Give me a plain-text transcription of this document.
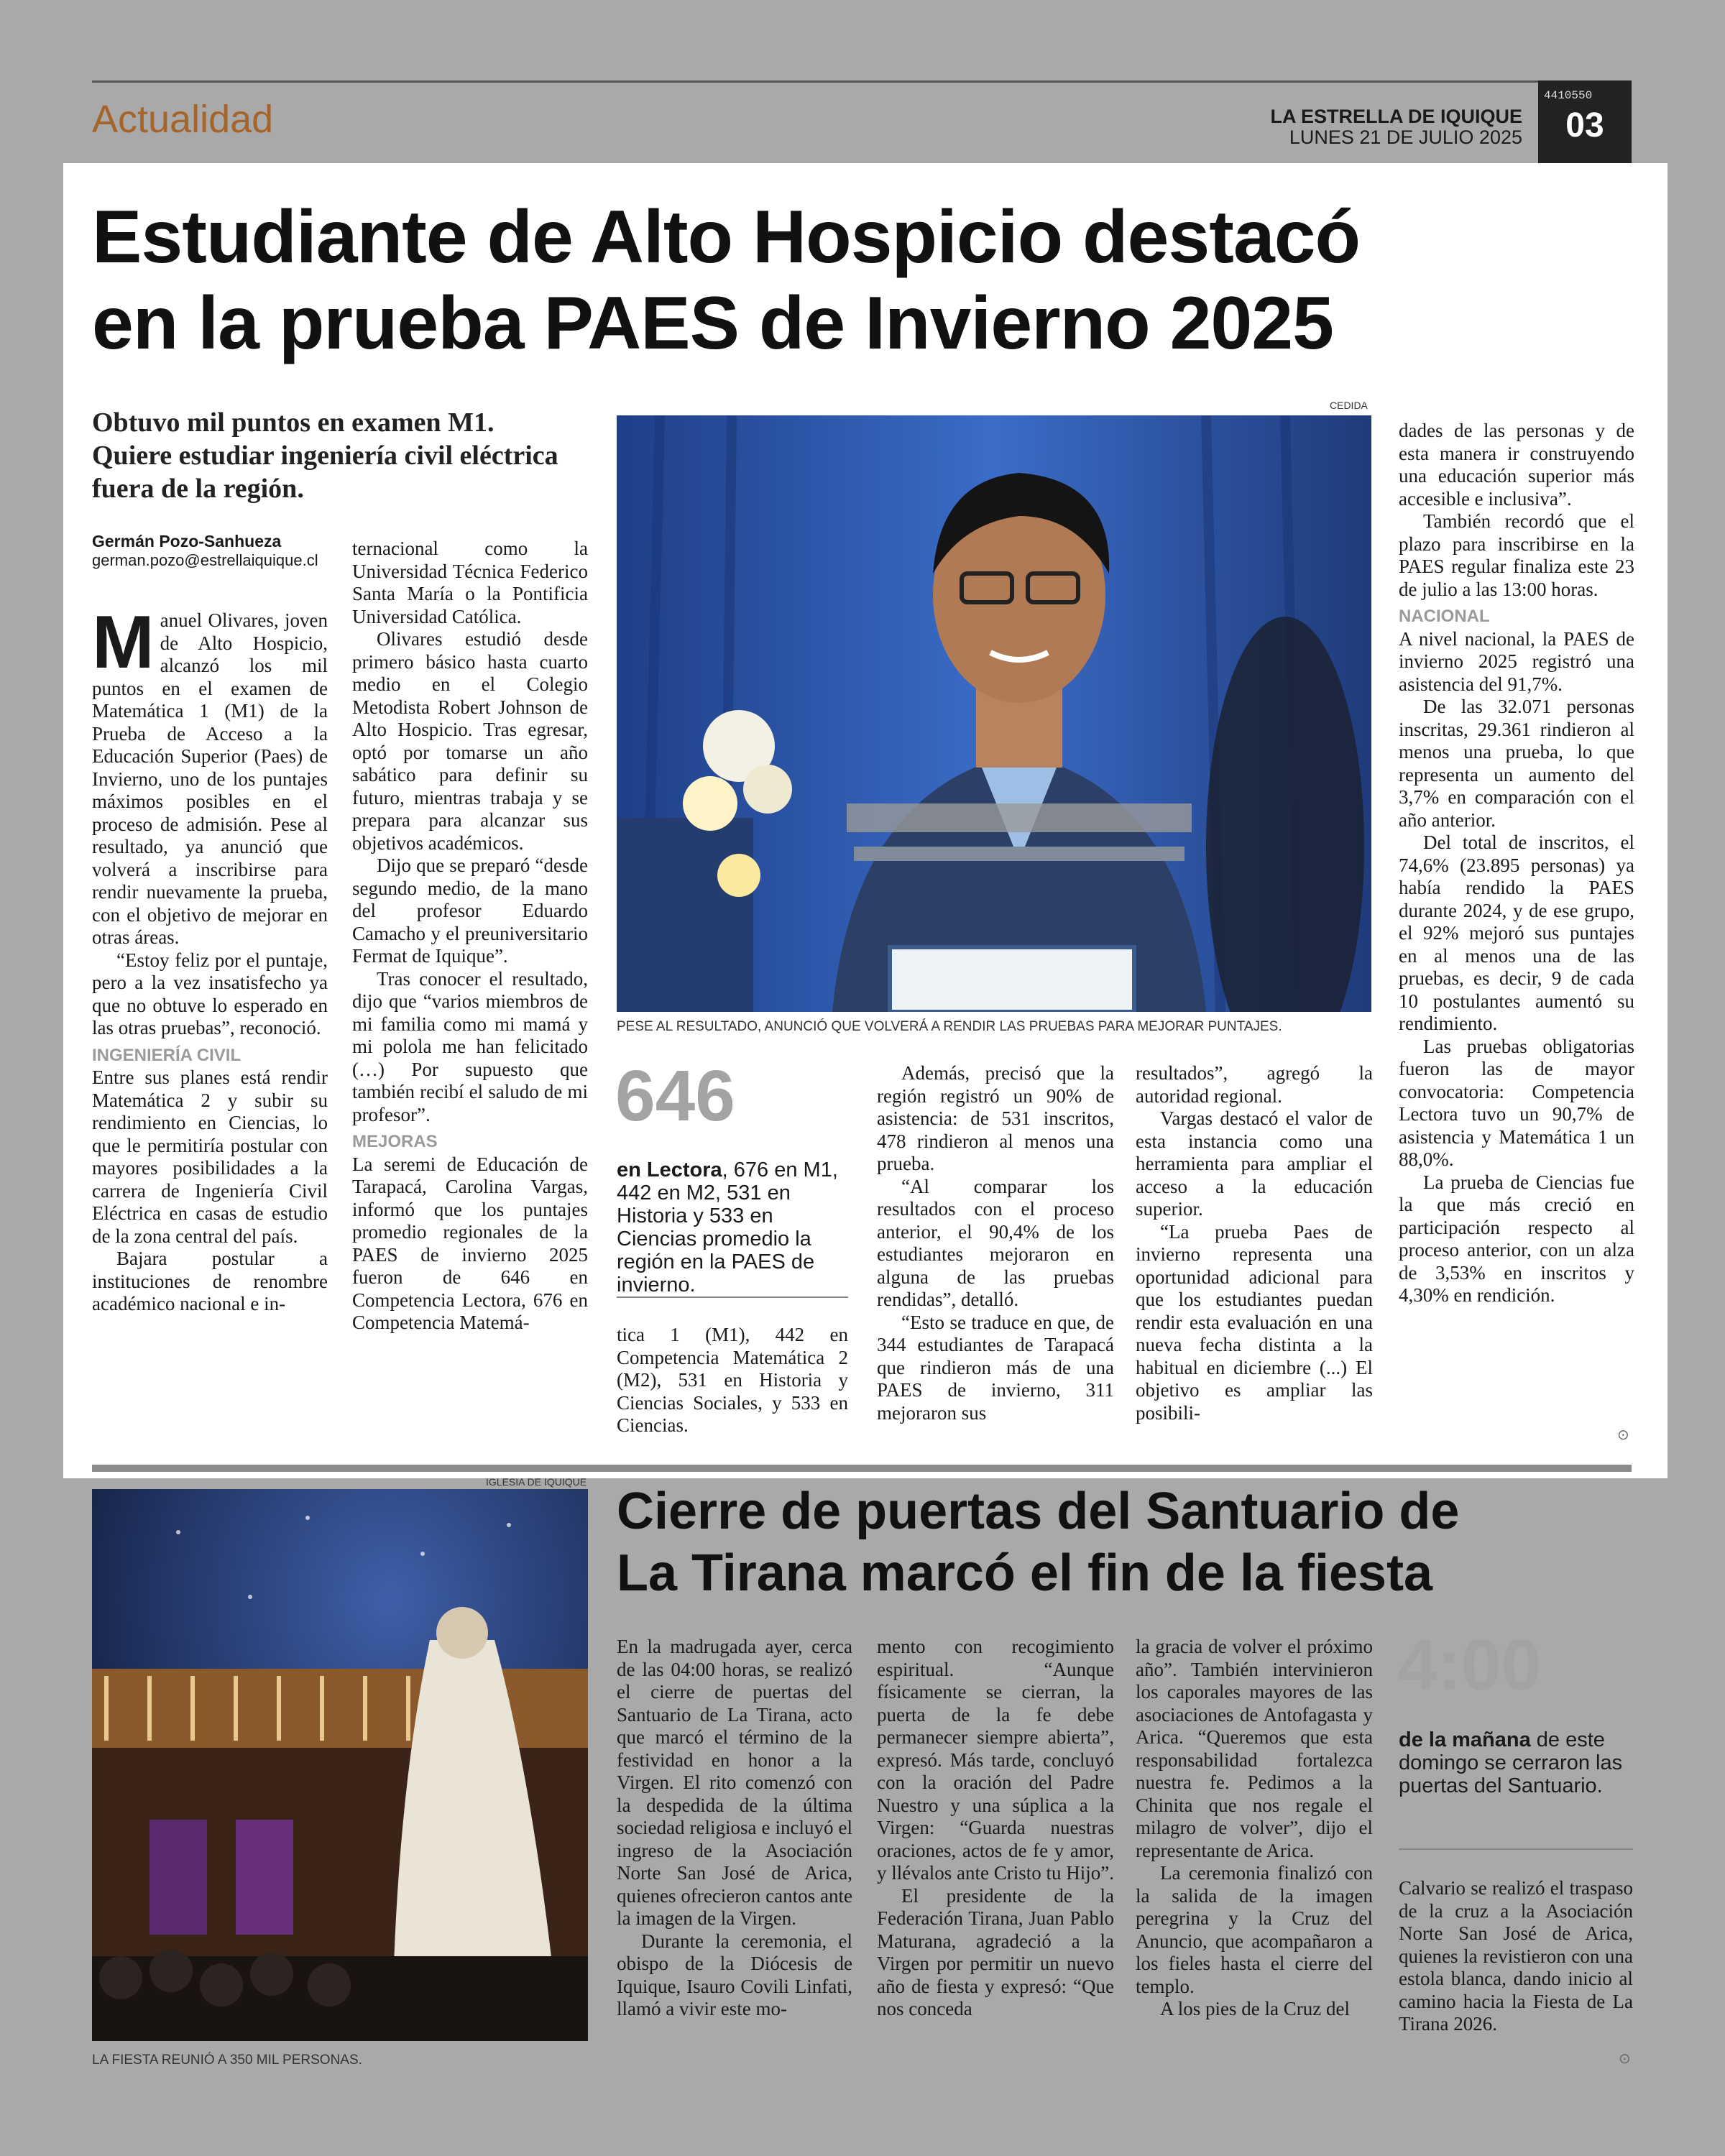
Actualidad	LA ESTRELLA DE IQUIQUE
LUNES 21 DE JULIO 2025	03
4410550
Estudiante de Alto Hospicio destacó
en la prueba PAES de Invierno 2025
Obtuvo mil puntos en examen M1. Quiere estudiar ingeniería civil eléctrica fuera de la región.
Germán Pozo-Sanhueza
german.pozo@estrellaiquique.cl
M anuel Olivares, joven de Alto Hospicio, alcanzó los mil puntos en el examen de Matemática 1 (M1) de la Prueba de Acceso a la Educación Superior (Paes) de Invierno, uno de los puntajes máximos posibles en el proceso de admisión. Pese al resultado, ya anunció que volverá a inscribirse para rendir nuevamente la prueba, con el objetivo de mejorar en otras áreas.

“Estoy feliz por el puntaje, pero a la vez insatisfecho ya que no obtuve lo esperado en las otras pruebas”, reconoció.

INGENIERÍA CIVIL

Entre sus planes está rendir Matemática 2 y subir su rendimiento en Ciencias, lo que le permitiría postular con mayores posibilidades a la carrera de Ingeniería Civil Eléctrica en casas de estudio de la zona central del país.

Bajara postular a instituciones de renombre académico nacional e in-

ternacional como la Universidad Técnica Federico Santa María o la Pontificia Universidad Católica.

Olivares estudió desde primero básico hasta cuarto medio en el Colegio Metodista Robert Johnson de Alto Hospicio. Tras egresar, optó por tomarse un año sabático para definir su futuro, mientras trabaja y se prepara para alcanzar sus objetivos académicos.

Dijo que se preparó “desde segundo medio, de la mano del profesor Eduardo Camacho y el preuniversitario Fermat de Iquique”.

Tras conocer el resultado, dijo que “varios miembros de mi familia como mi mamá y mi polola me han felicitado (…) Por supuesto que también recibí el saludo de mi profesor”.

MEJORAS

La seremi de Educación de Tarapacá, Carolina Vargas, informó que los puntajes promedio regionales de la PAES de invierno 2025 fueron de 646 en Competencia Lectora, 676 en Competencia Matemá-

CEDIDA
PESE AL RESULTADO, ANUNCIÓ QUE VOLVERÁ A RENDIR LAS PRUEBAS PARA MEJORAR PUNTAJES.
646
en Lectora, 676 en M1, 442 en M2, 531 en Historia y 533 en Ciencias promedio la región en la PAES de invierno.

tica 1 (M1), 442 en Competencia Matemática 2 (M2), 531 en Historia y Ciencias Sociales, y 533 en Ciencias.

Además, precisó que la región registró un 90% de asistencia: de 531 inscritos, 478 rindieron al menos una prueba.

“Al comparar los resultados con el proceso anterior, el 90,4% de los estudiantes mejoraron en alguna de las pruebas rendidas”, detalló.

“Esto se traduce en que, de 344 estudiantes de Tarapacá que rindieron más de una PAES de invierno, 311 mejoraron sus

resultados”, agregó la autoridad regional.

Vargas destacó el valor de esta instancia como una herramienta para ampliar el acceso a la educación superior.

“La prueba Paes de invierno representa una oportunidad adicional para que los estudiantes puedan rendir esta evaluación en una nueva fecha distinta a la habitual en diciembre (...) El objetivo es ampliar las posibili-

dades de las personas y de esta manera ir construyendo una educación superior más accesible e inclusiva”.

También recordó que el plazo para inscribirse en la PAES regular finaliza este 23 de julio a las 13:00 horas.

NACIONAL

A nivel nacional, la PAES de invierno 2025 registró una asistencia del 91,7%.

De las 32.071 personas inscritas, 29.361 rindieron al menos una prueba, lo que representa un aumento del 3,7% en comparación con el año anterior.

Del total de inscritos, el 74,6% (23.895 personas) ya había rendido la PAES durante 2024, y de ese grupo, el 92% mejoró sus puntajes en al menos una de las pruebas, es decir, 9 de cada 10 postulantes aumentó su rendimiento.

Las pruebas obligatorias fueron las de mayor convocatoria: Competencia Lectora tuvo un 90,7% de asistencia y Matemática 1 un 88,0%.

La prueba de Ciencias fue la que más creció en participación respecto al proceso anterior, con un alza de 3,53% en inscritos y 4,30% en rendición.

⊙
IGLESIA DE IQUIQUE
LA FIESTA REUNIÓ A 350 MIL PERSONAS.
Cierre de puertas del Santuario de
La Tirana marcó el fin de la fiesta

En la madrugada ayer, cerca de las 04:00 horas, se realizó el cierre de puertas del Santuario de La Tirana, acto que marcó el término de la festividad en honor a la Virgen. El rito comenzó con la despedida de la última sociedad religiosa e incluyó el ingreso de la Asociación Norte San José de Arica, quienes ofrecieron cantos ante la imagen de la Virgen.

Durante la ceremonia, el obispo de la Diócesis de Iquique, Isauro Covili Linfati, llamó a vivir este mo-

mento con recogimiento espiritual. “Aunque físicamente se cierran, la puerta de la fe debe permanecer siempre abierta”, expresó. Más tarde, concluyó con la oración del Padre Nuestro y una súplica a la Virgen: “Guarda nuestras oraciones, actos de fe y amor, y llévalos ante Cristo tu Hijo”.

El presidente de la Federación Tirana, Juan Pablo Maturana, agradeció a la Virgen por permitir un nuevo año de fiesta y expresó: “Que nos conceda

la gracia de volver el próximo año”. También intervinieron los caporales mayores de las asociaciones de Antofagasta y Arica. “Queremos que esta responsabilidad fortalezca nuestra fe. Pedimos a la Chinita que nos regale el milagro de volver”, dijo el representante de Arica.

La ceremonia finalizó con la salida de la imagen peregrina y la Cruz del Anuncio, que acompañaron a los fieles hasta el cierre del templo.

A los pies de la Cruz del

4:00
de la mañana de este domingo se cerraron las puertas del Santuario.

Calvario se realizó el traspaso de la cruz a la Asociación Norte San José de Arica, quienes la revistieron con una estola blanca, dando inicio al camino hacia la Fiesta de La Tirana 2026.

⊙
